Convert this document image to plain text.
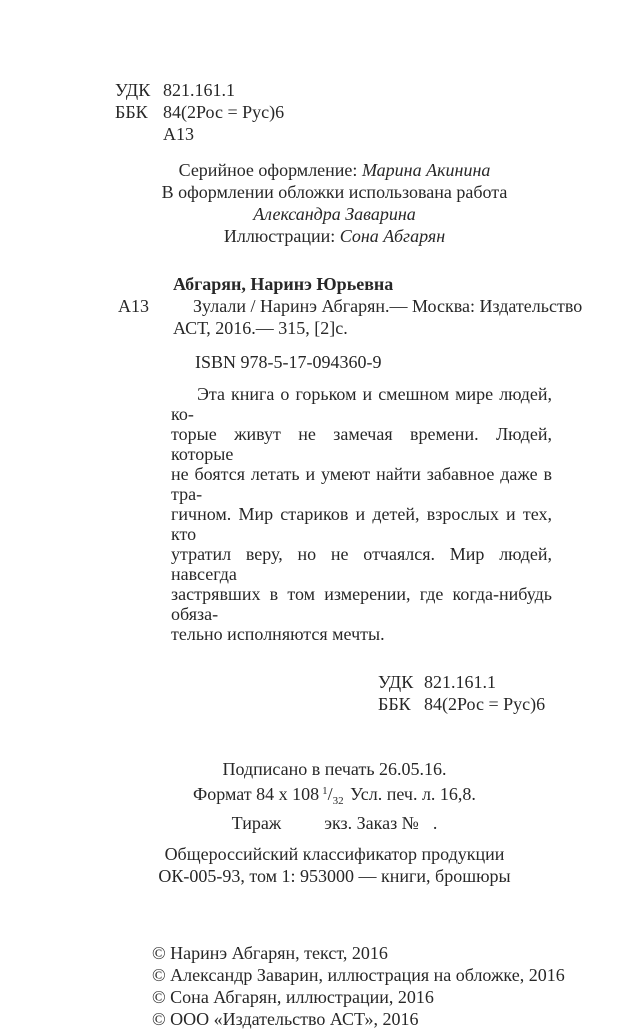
УДК 821.161.1
ББК 84(2Рос = Рус)6
А13
Серийное оформление: Марина Акинина
В оформлении обложки использована работа
Александра Заварина
Иллюстрации: Сона Абгарян
Абгарян, Наринэ Юрьевна
А13	Зулали / Наринэ Абгарян.— Москва: Издательство
АСТ, 2016.— 315, [2]с.
ISBN 978-5-17-094360-9
Эта книга о горьком и смешном мире людей, ко-
торые живут не замечая времени. Людей, которые
не боятся летать и умеют найти забавное даже в тра-
гичном. Мир стариков и детей, взрослых и тех, кто
утратил веру, но не отчаялся. Мир людей, навсегда
застрявших в том измерении, где когда-нибудь обяза-
тельно исполняются мечты.
УДК 821.161.1
ББК 84(2Рос = Рус)6
Подписано в печать 26.05.16.
Формат 84 х 108 $^1/_{32}$ Усл. печ. л. 16,8.
Тираж экз. Заказ № .
Общероссийский классификатор продукции
ОК-005-93, том 1: 953000 — книги, брошюры
© Наринэ Абгарян, текст, 2016
© Александр Заварин, иллюстрация на обложке, 2016
© Сона Абгарян, иллюстрации, 2016
© ООО «Издательство АСТ», 2016
